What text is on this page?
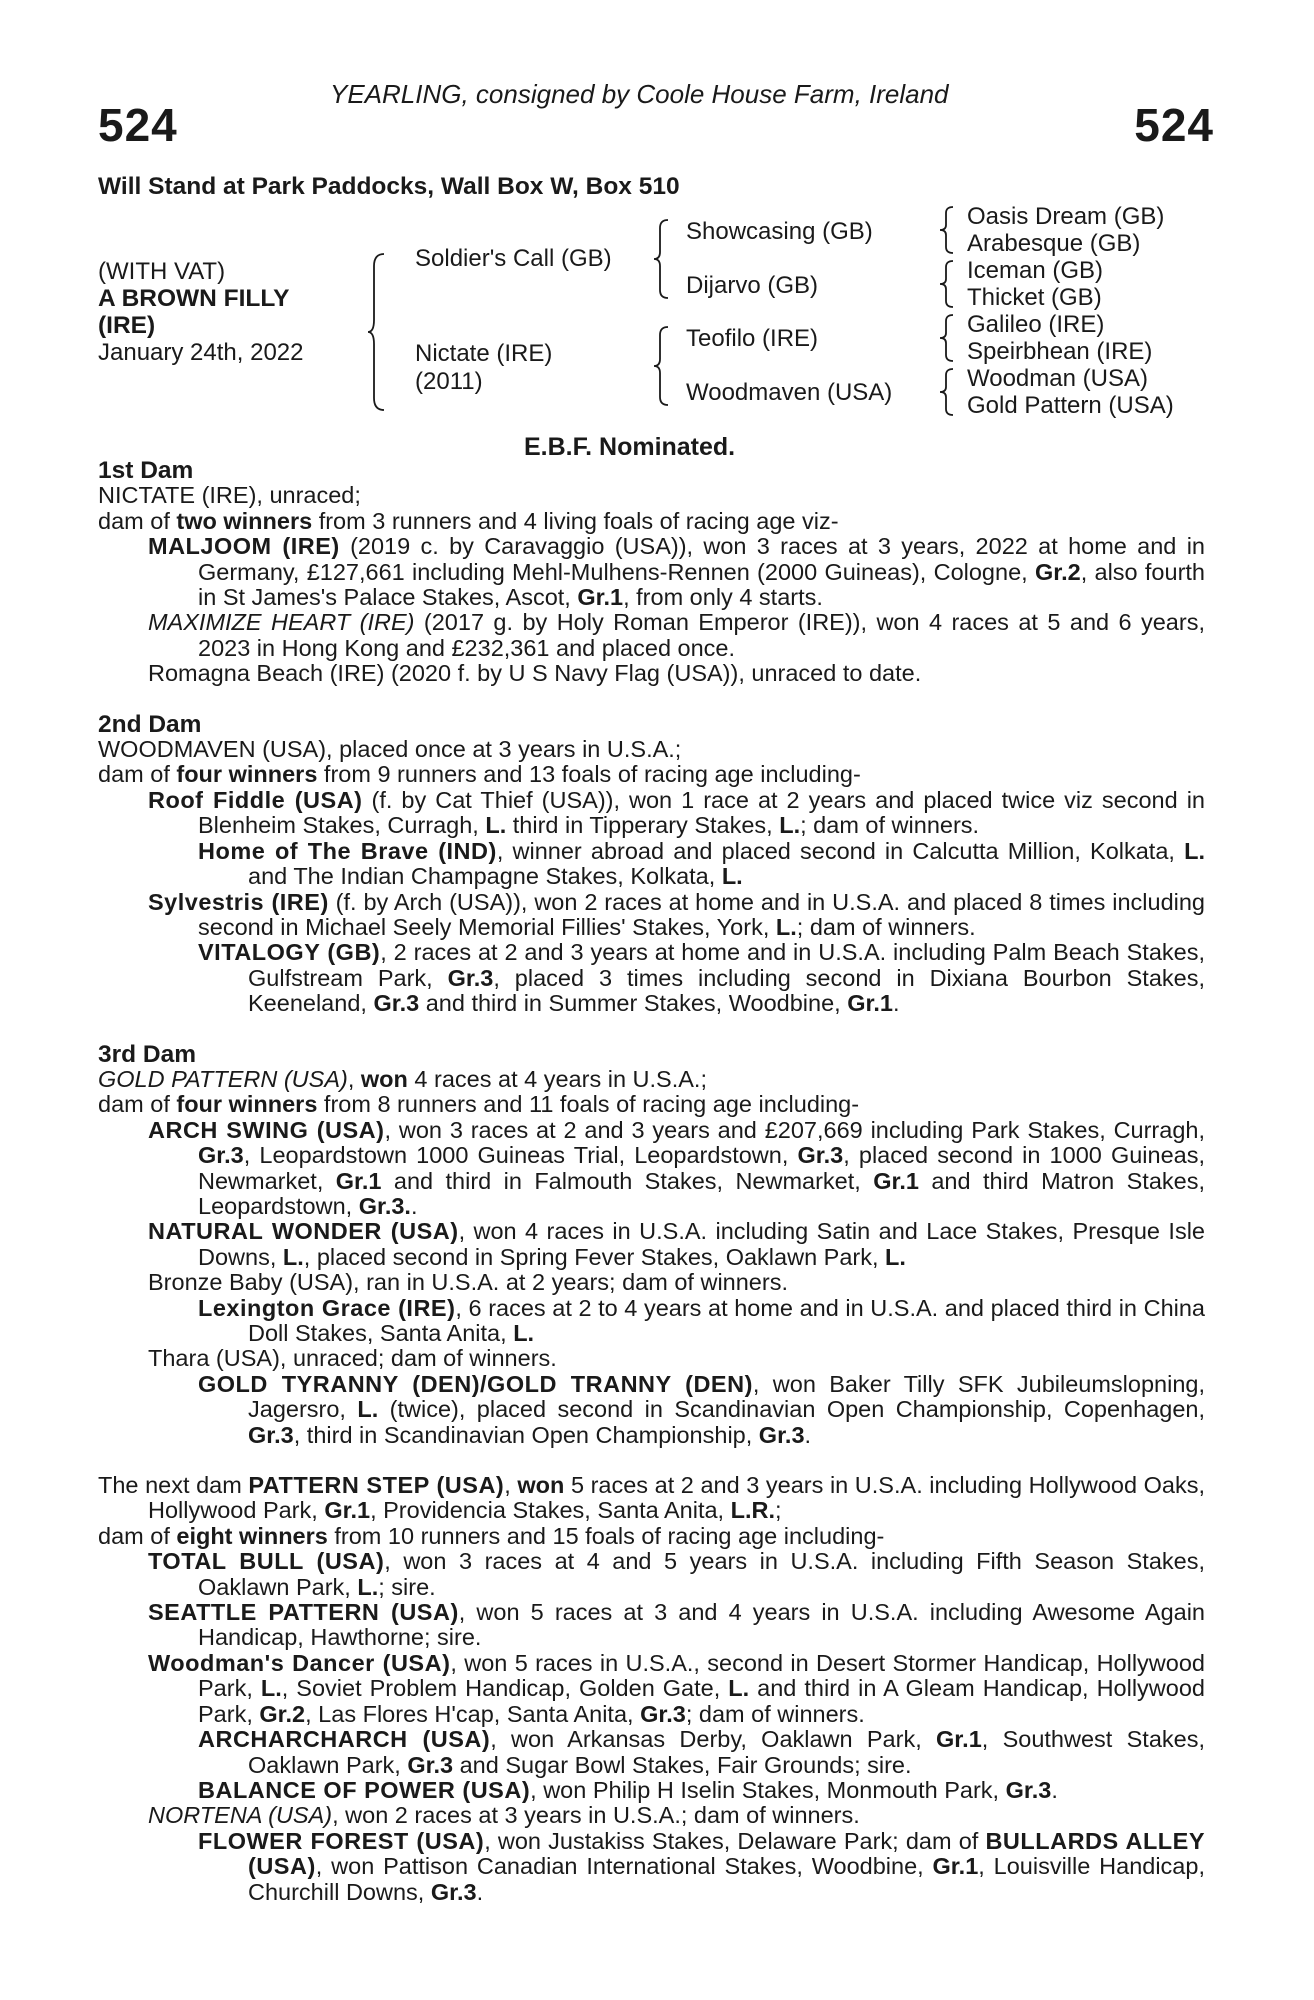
YEARLING, consigned by Coole House Farm, Ireland
524	524
Will Stand at Park Paddocks, Wall Box W, Box 510
(WITH VAT)
A BROWN FILLY
(IRE)
January 24th, 2022
Soldier's Call (GB)
Nictate (IRE)
(2011)
Showcasing (GB)
Dijarvo (GB)
Teofilo (IRE)
Woodmaven (USA)
Oasis Dream (GB)
Arabesque (GB)
Iceman (GB)
Thicket (GB)
Galileo (IRE)
Speirbhean (IRE)
Woodman (USA)
Gold Pattern (USA)
E.B.F. Nominated.
1st Dam

NICTATE (IRE), unraced;

dam of two winners from 3 runners and 4 living foals of racing age viz-

MALJOOM (IRE) (2019 c. by Caravaggio (USA)), won 3 races at 3 years, 2022 at home and in Germany, £127,661 including Mehl-Mulhens-Rennen (2000 Guineas), Cologne, Gr.2, also fourth in St James's Palace Stakes, Ascot, Gr.1, from only 4 starts.

MAXIMIZE HEART (IRE) (2017 g. by Holy Roman Emperor (IRE)), won 4 races at 5 and 6 years, 2023 in Hong Kong and £232,361 and placed once.

Romagna Beach (IRE) (2020 f. by U S Navy Flag (USA)), unraced to date.

2nd Dam

WOODMAVEN (USA), placed once at 3 years in U.S.A.;

dam of four winners from 9 runners and 13 foals of racing age including-

Roof Fiddle (USA) (f. by Cat Thief (USA)), won 1 race at 2 years and placed twice viz second in Blenheim Stakes, Curragh, L. third in Tipperary Stakes, L.; dam of winners.

Home of The Brave (IND), winner abroad and placed second in Calcutta Million, Kolkata, L. and The Indian Champagne Stakes, Kolkata, L.

Sylvestris (IRE) (f. by Arch (USA)), won 2 races at home and in U.S.A. and placed 8 times including second in Michael Seely Memorial Fillies' Stakes, York, L.; dam of winners.

VITALOGY (GB), 2 races at 2 and 3 years at home and in U.S.A. including Palm Beach Stakes, Gulfstream Park, Gr.3, placed 3 times including second in Dixiana Bourbon Stakes, Keeneland, Gr.3 and third in Summer Stakes, Woodbine, Gr.1.

3rd Dam

GOLD PATTERN (USA), won 4 races at 4 years in U.S.A.;

dam of four winners from 8 runners and 11 foals of racing age including-

ARCH SWING (USA), won 3 races at 2 and 3 years and £207,669 including Park Stakes, Curragh, Gr.3, Leopardstown 1000 Guineas Trial, Leopardstown, Gr.3, placed second in 1000 Guineas, Newmarket, Gr.1 and third in Falmouth Stakes, Newmarket, Gr.1 and third Matron Stakes, Leopardstown, Gr.3..

NATURAL WONDER (USA), won 4 races in U.S.A. including Satin and Lace Stakes, Presque Isle Downs, L., placed second in Spring Fever Stakes, Oaklawn Park, L.

Bronze Baby (USA), ran in U.S.A. at 2 years; dam of winners.

Lexington Grace (IRE), 6 races at 2 to 4 years at home and in U.S.A. and placed third in China Doll Stakes, Santa Anita, L.

Thara (USA), unraced; dam of winners.

GOLD TYRANNY (DEN)/GOLD TRANNY (DEN), won Baker Tilly SFK Jubileumslopning, Jagersro, L. (twice), placed second in Scandinavian Open Championship, Copenhagen, Gr.3, third in Scandinavian Open Championship, Gr.3.

The next dam PATTERN STEP (USA), won 5 races at 2 and 3 years in U.S.A. including Hollywood Oaks, Hollywood Park, Gr.1, Providencia Stakes, Santa Anita, L.R.;

dam of eight winners from 10 runners and 15 foals of racing age including-

TOTAL BULL (USA), won 3 races at 4 and 5 years in U.S.A. including Fifth Season Stakes, Oaklawn Park, L.; sire.

SEATTLE PATTERN (USA), won 5 races at 3 and 4 years in U.S.A. including Awesome Again Handicap, Hawthorne; sire.

Woodman's Dancer (USA), won 5 races in U.S.A., second in Desert Stormer Handicap, Hollywood Park, L., Soviet Problem Handicap, Golden Gate, L. and third in A Gleam Handicap, Hollywood Park, Gr.2, Las Flores H'cap, Santa Anita, Gr.3; dam of winners.

ARCHARCHARCH (USA), won Arkansas Derby, Oaklawn Park, Gr.1, Southwest Stakes, Oaklawn Park, Gr.3 and Sugar Bowl Stakes, Fair Grounds; sire.

BALANCE OF POWER (USA), won Philip H Iselin Stakes, Monmouth Park, Gr.3.

NORTENA (USA), won 2 races at 3 years in U.S.A.; dam of winners.

FLOWER FOREST (USA), won Justakiss Stakes, Delaware Park; dam of BULLARDS ALLEY (USA), won Pattison Canadian International Stakes, Woodbine, Gr.1, Louisville Handicap, Churchill Downs, Gr.3.
